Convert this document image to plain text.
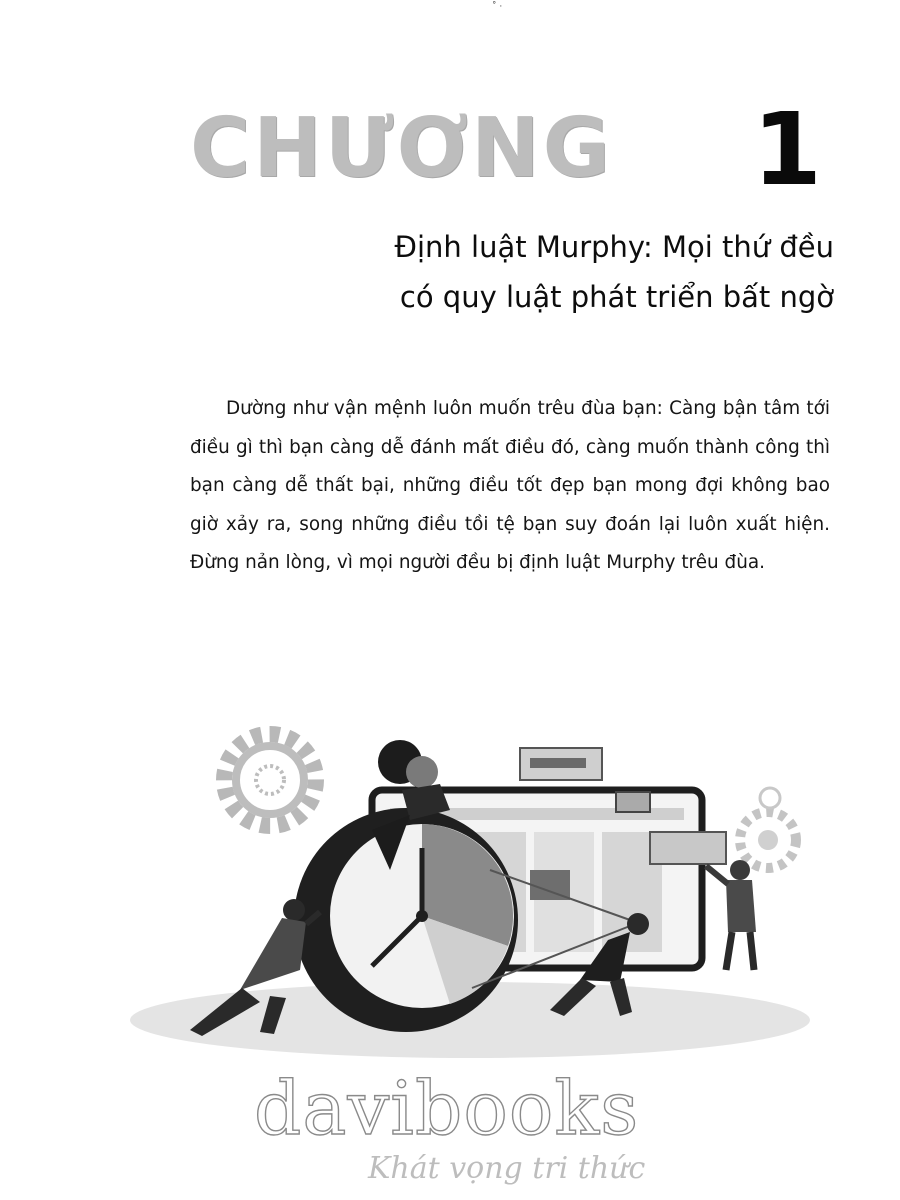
˚ ·
CHƯƠNG 1
Định luật Murphy: Mọi thứ đều
có quy luật phát triển bất ngờ

Dường như vận mệnh luôn muốn trêu đùa bạn: Càng bận tâm tới điều gì thì bạn càng dễ đánh mất điều đó, càng muốn thành công thì bạn càng dễ thất bại, những điều tốt đẹp bạn mong đợi không bao giờ xảy ra, song những điều tồi tệ bạn suy đoán lại luôn xuất hiện. Đừng nản lòng, vì mọi người đều bị định luật Murphy trêu đùa.

davibooks
Khát vọng tri thức
